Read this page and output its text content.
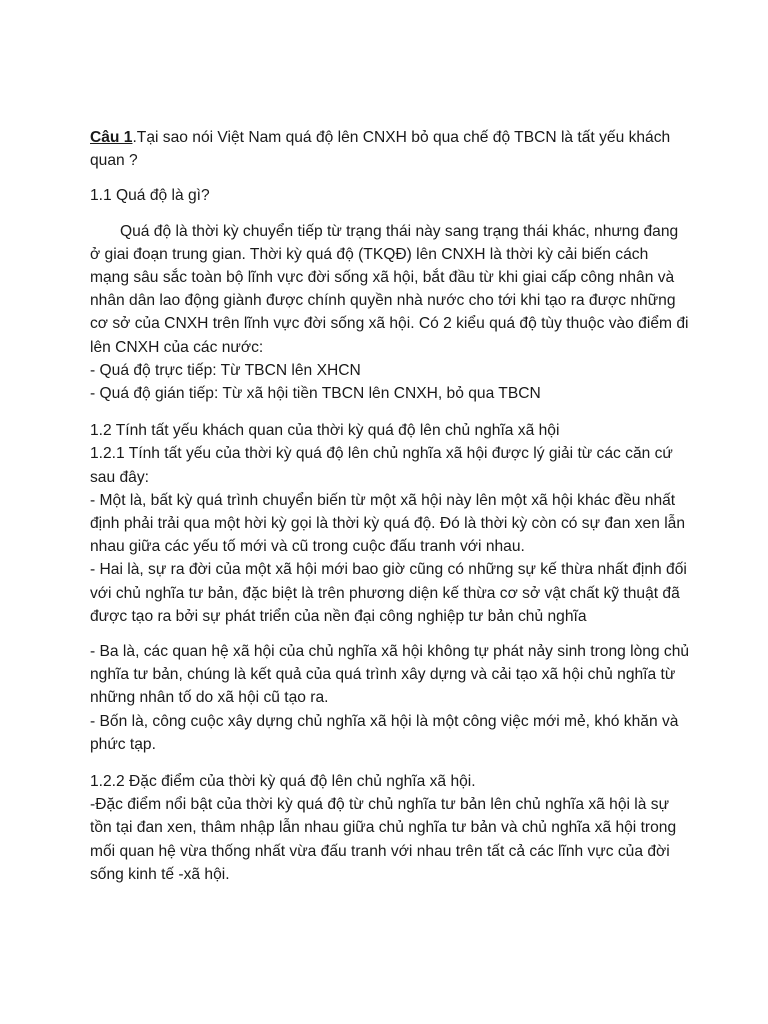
Câu 1.Tại sao nói Việt Nam quá độ lên CNXH bỏ qua chế độ TBCN là tất yếu khách quan ?

1.1 Quá độ là gì?

Quá độ là thời kỳ chuyển tiếp từ trạng thái này sang trạng thái khác, nhưng đang ở giai đoạn trung gian. Thời kỳ quá độ (TKQĐ) lên CNXH là thời kỳ cải biến cách mạng sâu sắc toàn bộ lĩnh vực đời sống xã hội, bắt đầu từ khi giai cấp công nhân và nhân dân lao động giành được chính quyền nhà nước cho tới khi tạo ra được những cơ sở của CNXH trên lĩnh vực đời sống xã hội. Có 2 kiểu quá độ tùy thuộc vào điểm đi lên CNXH của các nước:

- Quá độ trực tiếp: Từ TBCN lên XHCN

- Quá độ gián tiếp: Từ xã hội tiền TBCN lên CNXH, bỏ qua TBCN

1.2 Tính tất yếu khách quan của thời kỳ quá độ lên chủ nghĩa xã hội

1.2.1 Tính tất yếu của thời kỳ quá độ lên chủ nghĩa xã hội được lý giải từ các căn cứ sau đây:

- Một là, bất kỳ quá trình chuyển biến từ một xã hội này lên một xã hội khác đều nhất định phải trải qua một hời kỳ gọi là thời kỳ quá độ. Đó là thời kỳ còn có sự đan xen lẫn nhau giữa các yếu tố mới và cũ trong cuộc đấu tranh với nhau.

- Hai là, sự ra đời của một xã hội mới bao giờ cũng có những sự kế thừa nhất định đối với chủ nghĩa tư bản, đặc biệt là trên phương diện kế thừa cơ sở vật chất kỹ thuật đã được tạo ra bởi sự phát triển của nền đại công nghiệp tư bản chủ nghĩa

- Ba là, các quan hệ xã hội của chủ nghĩa xã hội không tự phát nảy sinh trong lòng chủ nghĩa tư bản, chúng là kết quả của quá trình xây dựng và cải tạo xã hội chủ nghĩa từ những nhân tố do xã hội cũ tạo ra.

- Bốn là, công cuộc xây dựng chủ nghĩa xã hội là một công việc mới mẻ, khó khăn và phức tạp.

1.2.2 Đặc điểm của thời kỳ quá độ lên chủ nghĩa xã hội.

-Đặc điểm nổi bật của thời kỳ quá độ từ chủ nghĩa tư bản lên chủ nghĩa xã hội là sự tồn tại đan xen, thâm nhập lẫn nhau giữa chủ nghĩa tư bản và chủ nghĩa xã hội trong mối quan hệ vừa thống nhất vừa đấu tranh với nhau trên tất cả các lĩnh vực của đời sống kinh tế -xã hội.
